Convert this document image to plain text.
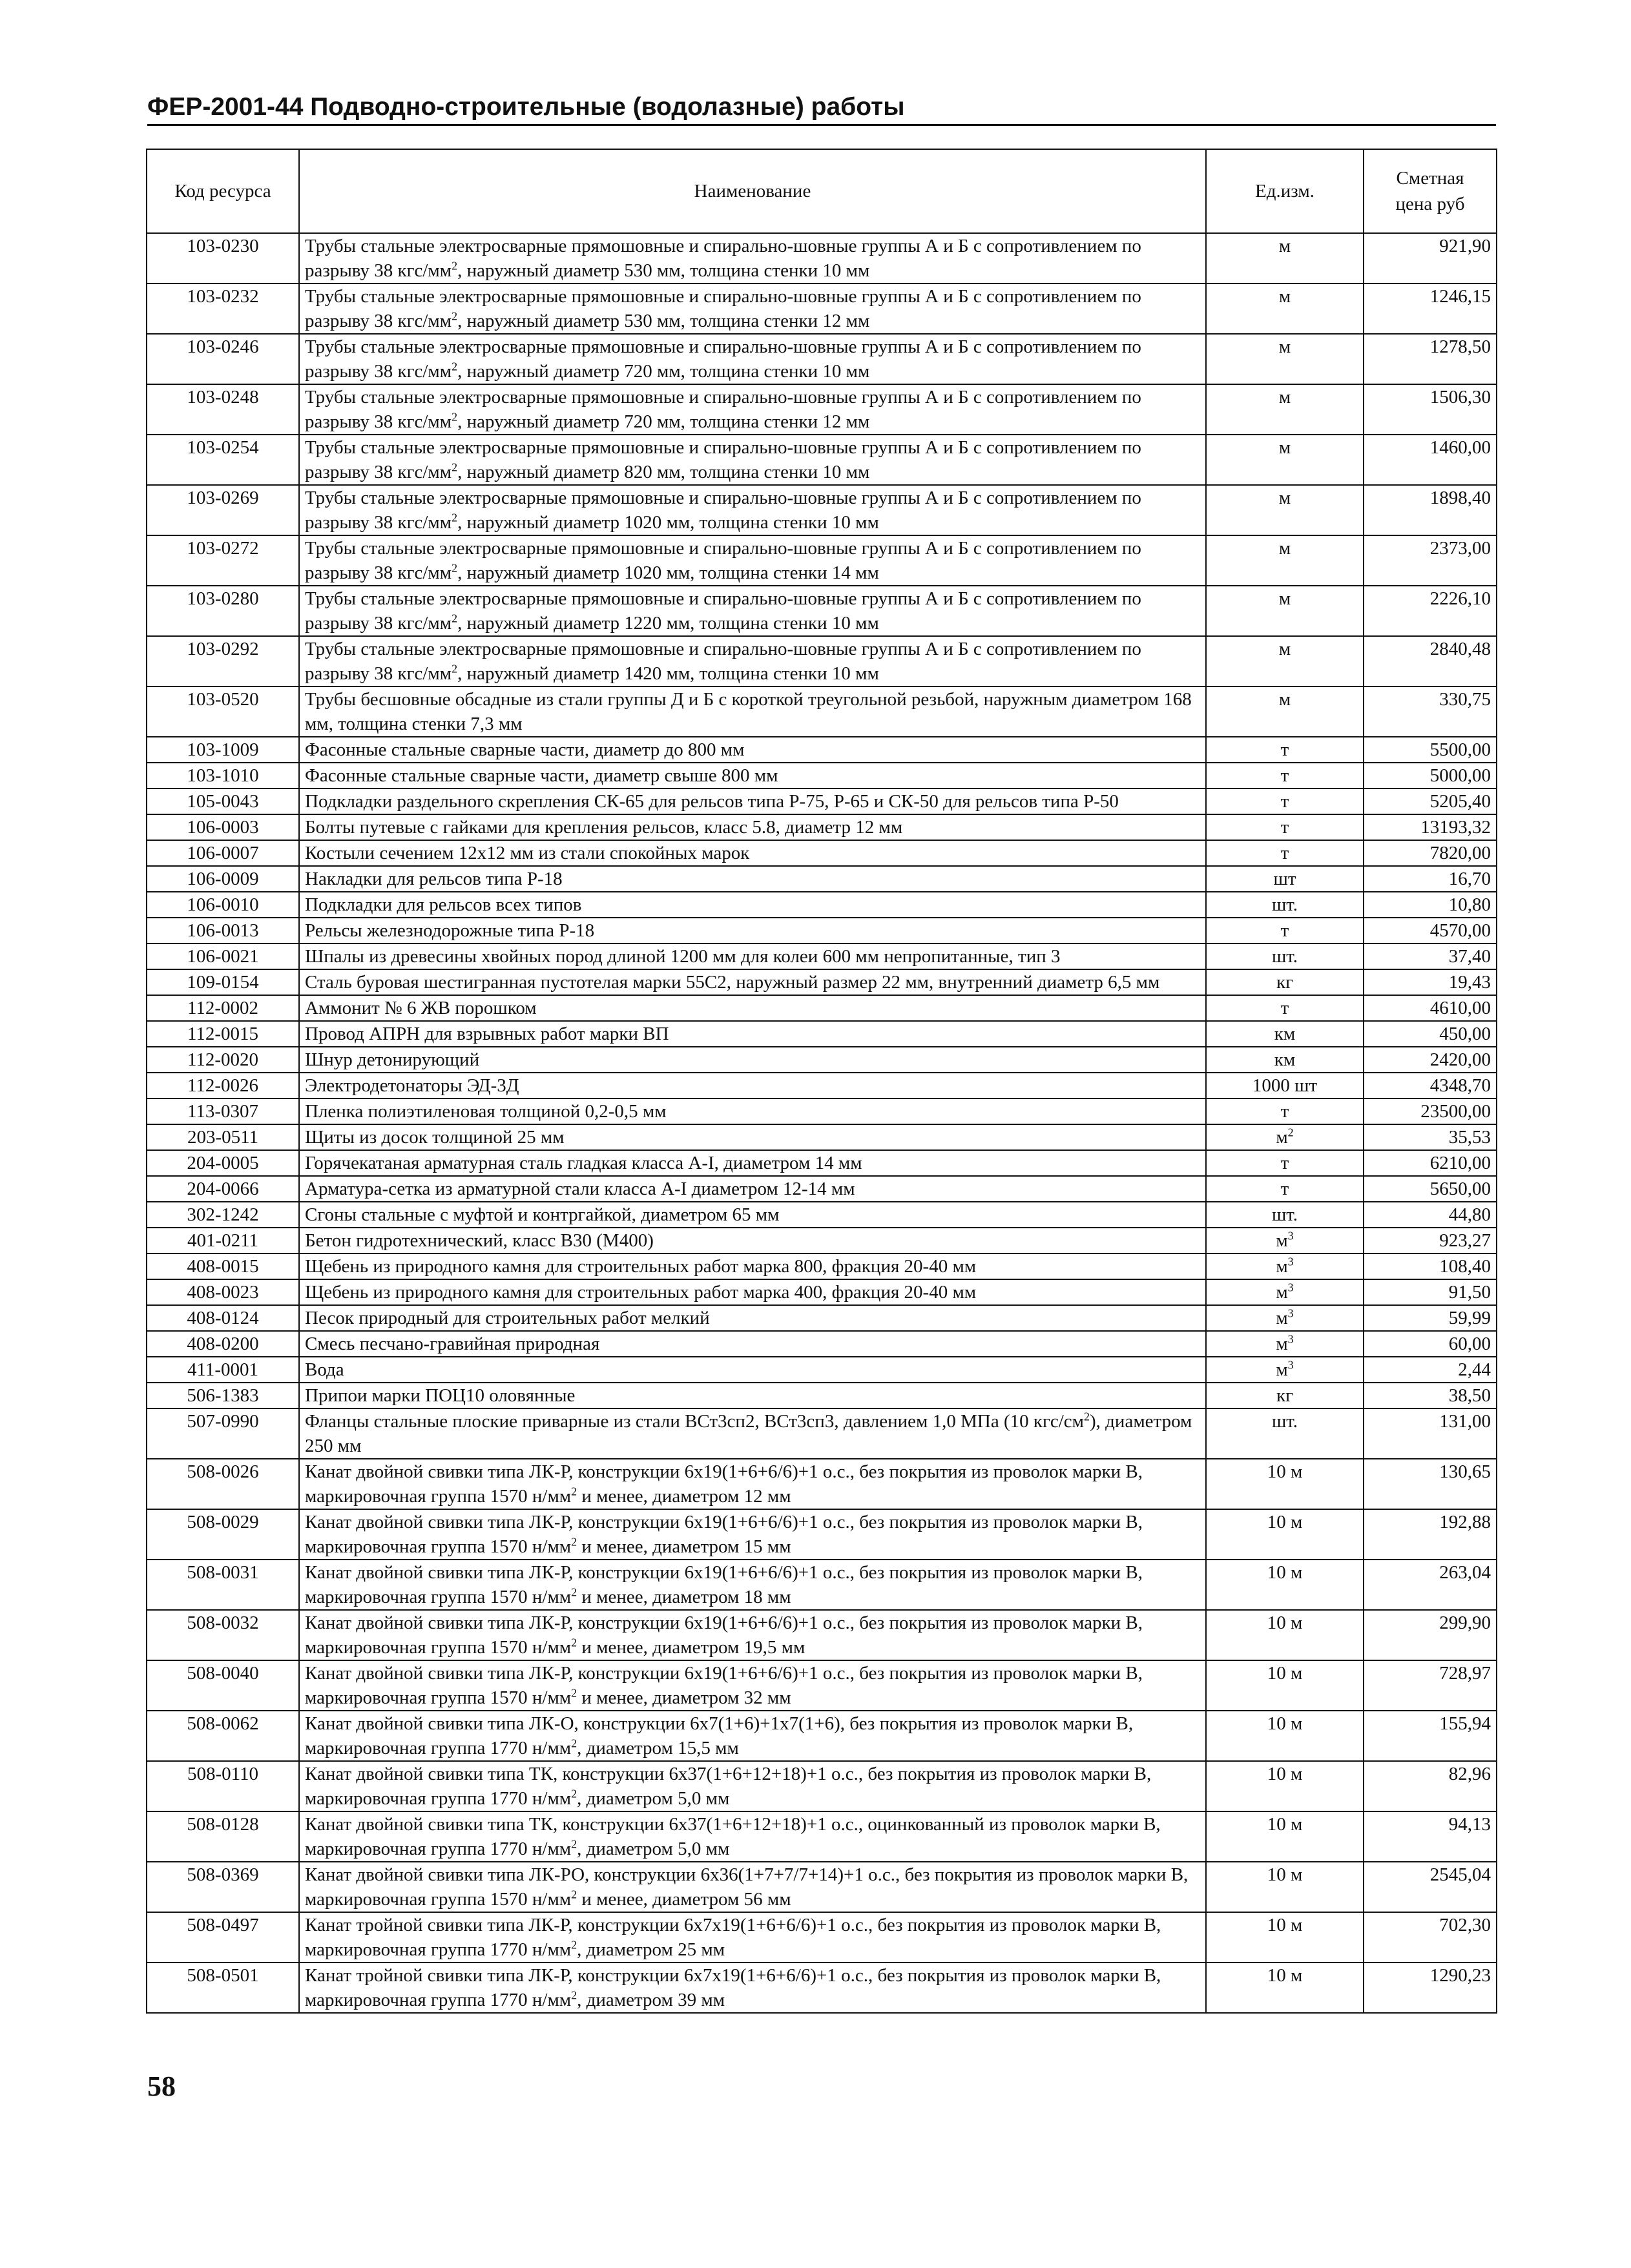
ФЕР-2001-44 Подводно-строительные (водолазные) работы
Код ресурса	Наименование	Ед.изм.	Сметная цена руб
103-0230	Трубы стальные электросварные прямошовные и спирально-шовные группы А и Б с сопротивлением по разрыву 38 кгс/$мм^2$, наружный диаметр 530 мм, толщина стенки 10 мм	м	921,90
103-0232	Трубы стальные электросварные прямошовные и спирально-шовные группы А и Б с сопротивлением по разрыву 38 кгс/$мм^2$, наружный диаметр 530 мм, толщина стенки 12 мм	м	1246,15
103-0246	Трубы стальные электросварные прямошовные и спирально-шовные группы А и Б с сопротивлением по разрыву 38 кгс/$мм^2$, наружный диаметр 720 мм, толщина стенки 10 мм	м	1278,50
103-0248	Трубы стальные электросварные прямошовные и спирально-шовные группы А и Б с сопротивлением по разрыву 38 кгс/$мм^2$, наружный диаметр 720 мм, толщина стенки 12 мм	м	1506,30
103-0254	Трубы стальные электросварные прямошовные и спирально-шовные группы А и Б с сопротивлением по разрыву 38 кгс/$мм^2$, наружный диаметр 820 мм, толщина стенки 10 мм	м	1460,00
103-0269	Трубы стальные электросварные прямошовные и спирально-шовные группы А и Б с сопротивлением по разрыву 38 кгс/$мм^2$, наружный диаметр 1020 мм, толщина стенки 10 мм	м	1898,40
103-0272	Трубы стальные электросварные прямошовные и спирально-шовные группы А и Б с сопротивлением по разрыву 38 кгс/$мм^2$, наружный диаметр 1020 мм, толщина стенки 14 мм	м	2373,00
103-0280	Трубы стальные электросварные прямошовные и спирально-шовные группы А и Б с сопротивлением по разрыву 38 кгс/$мм^2$, наружный диаметр 1220 мм, толщина стенки 10 мм	м	2226,10
103-0292	Трубы стальные электросварные прямошовные и спирально-шовные группы А и Б с сопротивлением по разрыву 38 кгс/$мм^2$, наружный диаметр 1420 мм, толщина стенки 10 мм	м	2840,48
103-0520	Трубы бесшовные обсадные из стали группы Д и Б с короткой треугольной резьбой, наружным диаметром 168 мм, толщина стенки 7,3 мм	м	330,75
103-1009	Фасонные стальные сварные части, диаметр до 800 мм	т	5500,00
103-1010	Фасонные стальные сварные части, диаметр свыше 800 мм	т	5000,00
105-0043	Подкладки раздельного скрепления СК-65 для рельсов типа Р-75, Р-65 и СК-50 для рельсов типа Р-50	т	5205,40
106-0003	Болты путевые с гайками для крепления рельсов, класс 5.8, диаметр 12 мм	т	13193,32
106-0007	Костыли сечением 12х12 мм из стали спокойных марок	т	7820,00
106-0009	Накладки для рельсов типа Р-18	шт	16,70
106-0010	Подкладки для рельсов всех типов	шт.	10,80
106-0013	Рельсы железнодорожные типа Р-18	т	4570,00
106-0021	Шпалы из древесины хвойных пород длиной 1200 мм для колеи 600 мм непропитанные, тип 3	шт.	37,40
109-0154	Сталь буровая шестигранная пустотелая марки 55С2, наружный размер 22 мм, внутренний диаметр 6,5 мм	кг	19,43
112-0002	Аммонит № 6 ЖВ порошком	т	4610,00
112-0015	Провод АПРН для взрывных работ марки ВП	км	450,00
112-0020	Шнур детонирующий	км	2420,00
112-0026	Электродетонаторы ЭД-3Д	1000 шт	4348,70
113-0307	Пленка полиэтиленовая толщиной 0,2-0,5 мм	т	23500,00
203-0511	Щиты из досок толщиной 25 мм	$м^2$	35,53
204-0005	Горячекатаная арматурная сталь гладкая класса А-I, диаметром 14 мм	т	6210,00
204-0066	Арматура-сетка из арматурной стали класса А-I диаметром 12-14 мм	т	5650,00
302-1242	Сгоны стальные с муфтой и контргайкой, диаметром 65 мм	шт.	44,80
401-0211	Бетон гидротехнический, класс В30 (М400)	$м^3$	923,27
408-0015	Щебень из природного камня для строительных работ марка 800, фракция 20-40 мм	$м^3$	108,40
408-0023	Щебень из природного камня для строительных работ марка 400, фракция 20-40 мм	$м^3$	91,50
408-0124	Песок природный для строительных работ мелкий	$м^3$	59,99
408-0200	Смесь песчано-гравийная природная	$м^3$	60,00
411-0001	Вода	$м^3$	2,44
506-1383	Припои марки ПОЦ10 оловянные	кг	38,50
507-0990	Фланцы стальные плоские приварные из стали ВСт3сп2, ВСт3сп3, давлением 1,0 МПа (10 кгс/$см^2$), диаметром 250 мм	шт.	131,00
508-0026	Канат двойной свивки типа ЛК-Р, конструкции 6х19(1+6+6/6)+1 о.с., без покрытия из проволок марки В, маркировочная группа 1570 $н/мм^2$ и менее, диаметром 12 мм	10 м	130,65
508-0029	Канат двойной свивки типа ЛК-Р, конструкции 6х19(1+6+6/6)+1 о.с., без покрытия из проволок марки В, маркировочная группа 1570 $н/мм^2$ и менее, диаметром 15 мм	10 м	192,88
508-0031	Канат двойной свивки типа ЛК-Р, конструкции 6х19(1+6+6/6)+1 о.с., без покрытия из проволок марки В, маркировочная группа 1570 $н/мм^2$ и менее, диаметром 18 мм	10 м	263,04
508-0032	Канат двойной свивки типа ЛК-Р, конструкции 6х19(1+6+6/6)+1 о.с., без покрытия из проволок марки В, маркировочная группа 1570 $н/мм^2$ и менее, диаметром 19,5 мм	10 м	299,90
508-0040	Канат двойной свивки типа ЛК-Р, конструкции 6х19(1+6+6/6)+1 о.с., без покрытия из проволок марки В, маркировочная группа 1570 $н/мм^2$ и менее, диаметром 32 мм	10 м	728,97
508-0062	Канат двойной свивки типа ЛК-О, конструкции 6х7(1+6)+1х7(1+6), без покрытия из проволок марки В, маркировочная группа 1770 $н/мм^2$, диаметром 15,5 мм	10 м	155,94
508-0110	Канат двойной свивки типа ТК, конструкции 6х37(1+6+12+18)+1 о.с., без покрытия из проволок марки В, маркировочная группа 1770 $н/мм^2$, диаметром 5,0 мм	10 м	82,96
508-0128	Канат двойной свивки типа ТК, конструкции 6х37(1+6+12+18)+1 о.с., оцинкованный из проволок марки В, маркировочная группа 1770 $н/мм^2$, диаметром 5,0 мм	10 м	94,13
508-0369	Канат двойной свивки типа ЛК-РО, конструкции 6х36(1+7+7/7+14)+1 о.с., без покрытия из проволок марки В, маркировочная группа 1570 $н/мм^2$ и менее, диаметром 56 мм	10 м	2545,04
508-0497	Канат тройной свивки типа ЛК-Р, конструкции 6х7х19(1+6+6/6)+1 о.с., без покрытия из проволок марки В, маркировочная группа 1770 $н/мм^2$, диаметром 25 мм	10 м	702,30
508-0501	Канат тройной свивки типа ЛК-Р, конструкции 6х7х19(1+6+6/6)+1 о.с., без покрытия из проволок марки В, маркировочная группа 1770 $н/мм^2$, диаметром 39 мм	10 м	1290,23
58
